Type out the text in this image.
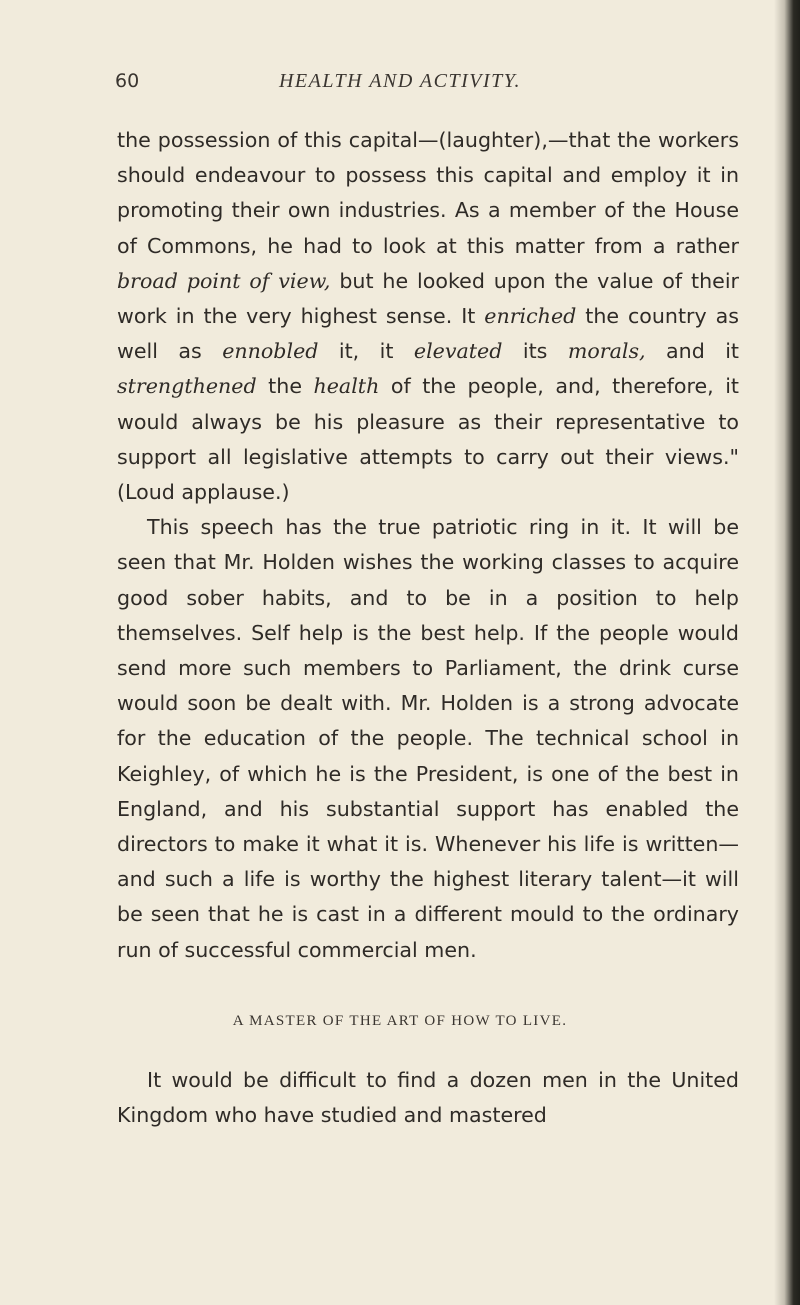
60	HEALTH AND ACTIVITY.

the possession of this capital—(laughter),—that the workers should endeavour to possess this capital and employ it in promoting their own industries. As a member of the House of Commons, he had to look at this matter from a rather broad point of view, but he looked upon the value of their work in the very highest sense. It enriched the country as well as ennobled it, it elevated its morals, and it strengthened the health of the people, and, therefore, it would always be his pleasure as their representative to support all legislative attempts to carry out their views." (Loud applause.)

This speech has the true patriotic ring in it. It will be seen that Mr. Holden wishes the working classes to acquire good sober habits, and to be in a position to help themselves. Self help is the best help. If the people would send more such members to Parliament, the drink curse would soon be dealt with. Mr. Holden is a strong advocate for the education of the people. The technical school in Keighley, of which he is the President, is one of the best in England, and his substantial support has enabled the directors to make it what it is. Whenever his life is written—and such a life is worthy the highest literary talent—it will be seen that he is cast in a different mould to the ordinary run of successful commercial men.

A MASTER OF THE ART OF HOW TO LIVE.

It would be difficult to find a dozen men in the United Kingdom who have studied and mastered
